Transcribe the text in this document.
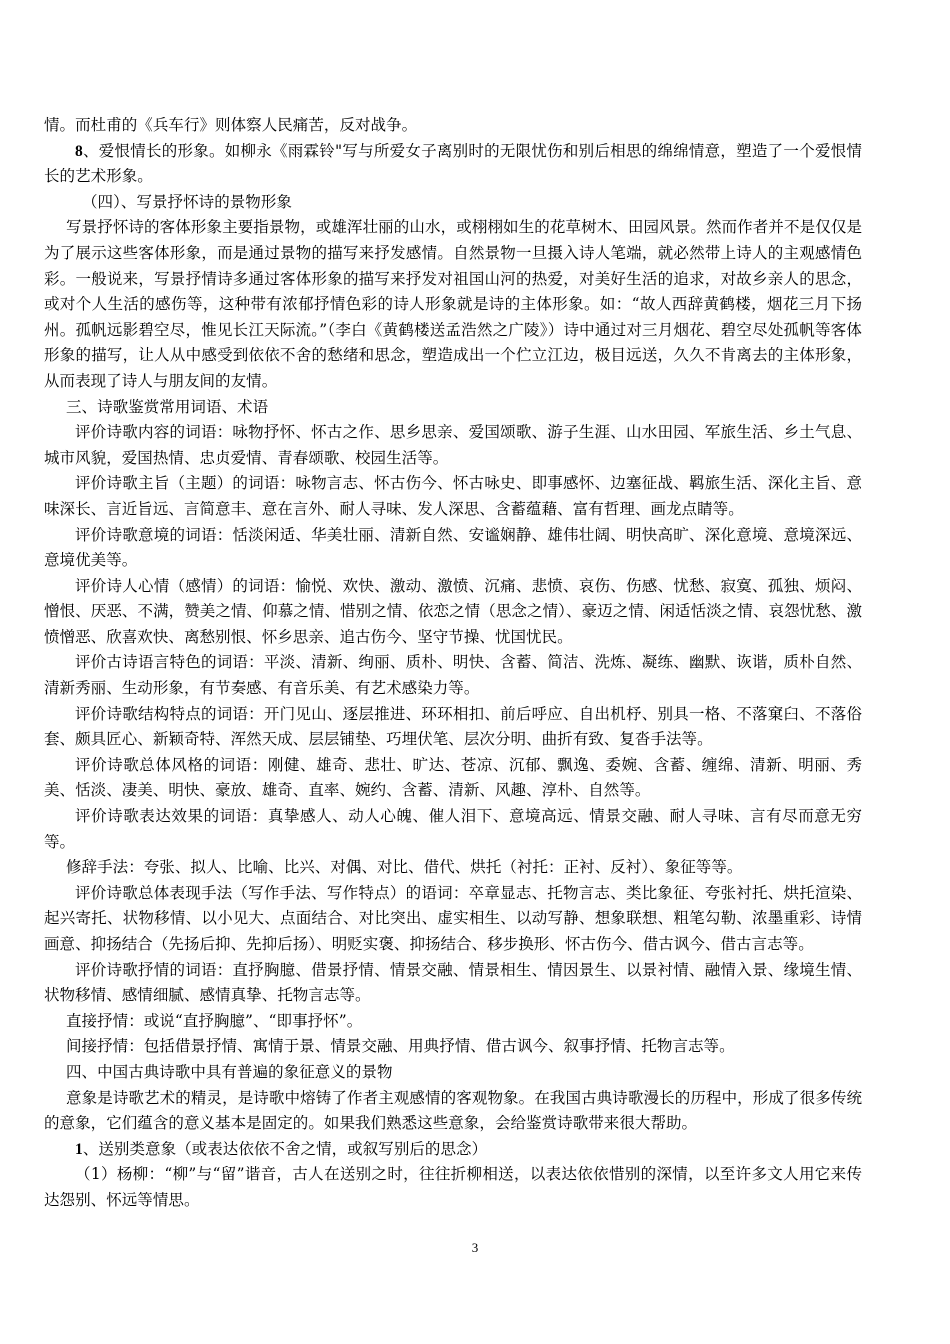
情。而杜甫的《兵车行》则体察人民痛苦，反对战争。

8、爱恨情长的形象。如柳永《雨霖铃"写与所爱女子离别时的无限忧伤和别后相思的绵绵情意，塑造了一个爱恨情长的艺术形象。

（四）、写景抒怀诗的景物形象

写景抒怀诗的客体形象主要指景物，或雄浑壮丽的山水，或栩栩如生的花草树木、田园风景。然而作者并不是仅仅是为了展示这些客体形象，而是通过景物的描写来抒发感情。自然景物一旦摄入诗人笔端，就必然带上诗人的主观感情色彩。一般说来，写景抒情诗多通过客体形象的描写来抒发对祖国山河的热爱，对美好生活的追求，对故乡亲人的思念，或对个人生活的感伤等，这种带有浓郁抒情色彩的诗人形象就是诗的主体形象。如：“故人西辞黄鹤楼，烟花三月下扬州。孤帆远影碧空尽，惟见长江天际流。”（李白《黄鹤楼送孟浩然之广陵》）诗中通过对三月烟花、碧空尽处孤帆等客体形象的描写，让人从中感受到依依不舍的愁绪和思念，塑造成出一个伫立江边，极目远送，久久不肯离去的主体形象，从而表现了诗人与朋友间的友情。

三、诗歌鉴赏常用词语、术语

评价诗歌内容的词语：咏物抒怀、怀古之作、思乡思亲、爱国颂歌、游子生涯、山水田园、军旅生活、乡土气息、城市风貌，爱国热情、忠贞爱情、青春颂歌、校园生活等。

评价诗歌主旨（主题）的词语：咏物言志、怀古伤今、怀古咏史、即事感怀、边塞征战、羁旅生活、深化主旨、意味深长、言近旨远、言简意丰、意在言外、耐人寻味、发人深思、含蓄蕴藉、富有哲理、画龙点睛等。

评价诗歌意境的词语：恬淡闲适、华美壮丽、清新自然、安谧娴静、雄伟壮阔、明快高旷、深化意境、意境深远、意境优美等。

评价诗人心情（感情）的词语：愉悦、欢快、激动、激愤、沉痛、悲愤、哀伤、伤感、忧愁、寂寞、孤独、烦闷、憎恨、厌恶、不满，赞美之情、仰慕之情、惜别之情、依恋之情（思念之情）、豪迈之情、闲适恬淡之情、哀怨忧愁、激愤憎恶、欣喜欢快、离愁别恨、怀乡思亲、追古伤今、坚守节操、忧国忧民。

评价古诗语言特色的词语：平淡、清新、绚丽、质朴、明快、含蓄、简洁、洗炼、凝练、幽默、诙谐，质朴自然、清新秀丽、生动形象，有节奏感、有音乐美、有艺术感染力等。

评价诗歌结构特点的词语：开门见山、逐层推进、环环相扣、前后呼应、自出机杼、别具一格、不落窠臼、不落俗套、颇具匠心、新颖奇特、浑然天成、层层铺垫、巧埋伏笔、层次分明、曲折有致、复沓手法等。

评价诗歌总体风格的词语：刚健、雄奇、悲壮、旷达、苍凉、沉郁、飘逸、委婉、含蓄、缠绵、清新、明丽、秀美、恬淡、凄美、明快、豪放、雄奇、直率、婉约、含蓄、清新、风趣、淳朴、自然等。

评价诗歌表达效果的词语：真挚感人、动人心魄、催人泪下、意境高远、情景交融、耐人寻味、言有尽而意无穷等。

修辞手法：夸张、拟人、比喻、比兴、对偶、对比、借代、烘托（衬托：正衬、反衬）、象征等等。

评价诗歌总体表现手法（写作手法、写作特点）的语词：卒章显志、托物言志、类比象征、夸张衬托、烘托渲染、起兴寄托、状物移情、以小见大、点面结合、对比突出、虚实相生、以动写静、想象联想、粗笔勾勒、浓墨重彩、诗情画意、抑扬结合（先扬后抑、先抑后扬）、明贬实褒、抑扬结合、移步换形、怀古伤今、借古讽今、借古言志等。

评价诗歌抒情的词语：直抒胸臆、借景抒情、情景交融、情景相生、情因景生、以景衬情、融情入景、缘境生情、状物移情、感情细腻、感情真挚、托物言志等。

直接抒情：或说“直抒胸臆”、“即事抒怀”。

间接抒情：包括借景抒情、寓情于景、情景交融、用典抒情、借古讽今、叙事抒情、托物言志等。

四、中国古典诗歌中具有普遍的象征意义的景物

意象是诗歌艺术的精灵，是诗歌中熔铸了作者主观感情的客观物象。在我国古典诗歌漫长的历程中，形成了很多传统的意象，它们蕴含的意义基本是固定的。如果我们熟悉这些意象，会给鉴赏诗歌带来很大帮助。

1、送别类意象（或表达依依不舍之情，或叙写别后的思念）

（1）杨柳：“柳”与“留”谐音，古人在送别之时，往往折柳相送，以表达依依惜别的深情，以至许多文人用它来传达怨别、怀远等情思。

3
